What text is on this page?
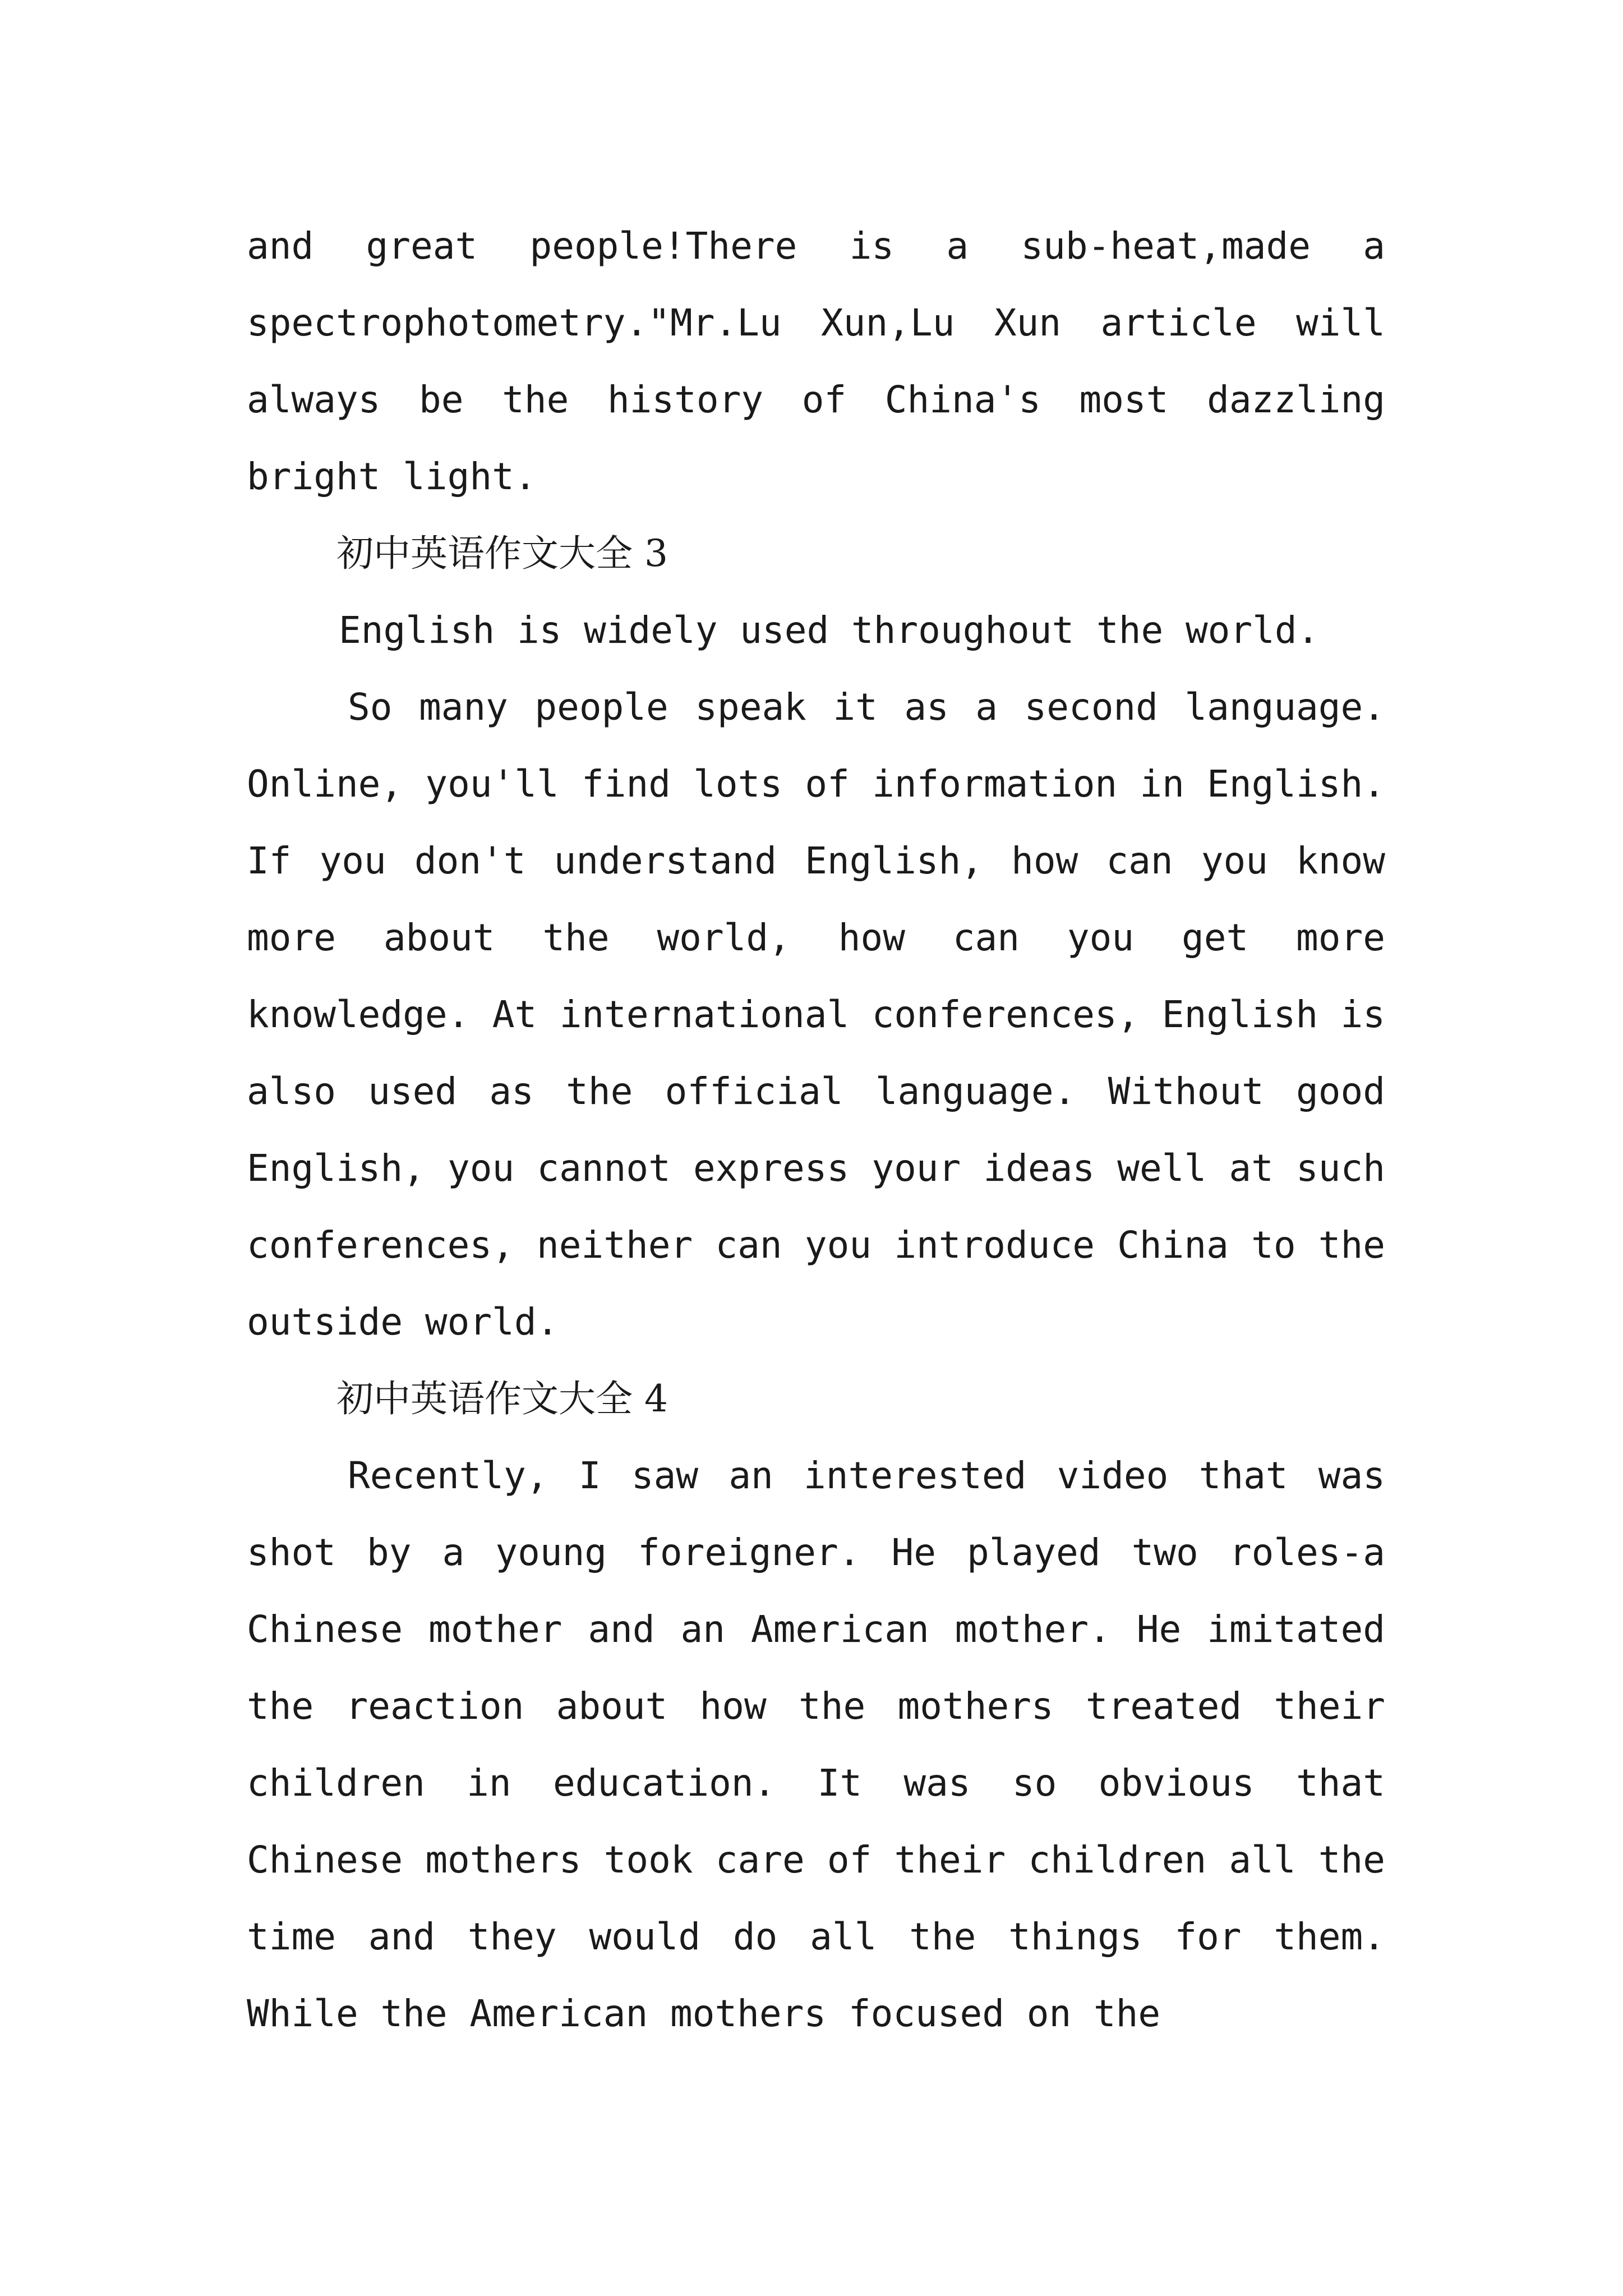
and great people!There is a sub-heat,made a spectrophotometry."Mr.Lu Xun,Lu Xun article will always be the history of China's most dazzling bright light.

初中英语作文大全 3

English is widely used throughout the world.

So many people speak it as a second language. Online, you'll find lots of information in English. If you don't understand English, how can you know more about the world, how can you get more knowledge. At international conferences, English is also used as the official language. Without good English, you cannot express your ideas well at such conferences, neither can you introduce China to the outside world.

初中英语作文大全 4

Recently, I saw an interested video that was shot by a young foreigner. He played two roles-a Chinese mother and an American mother. He imitated the reaction about how the mothers treated their children in education. It was so obvious that Chinese mothers took care of their children all the time and they would do all the things for them. While the American mothers focused on the
